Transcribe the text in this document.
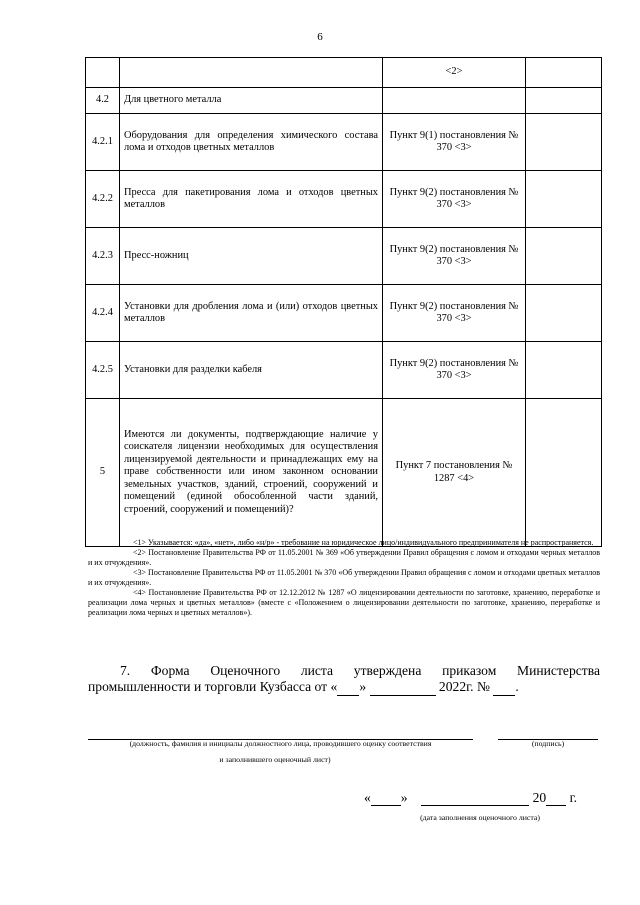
6
		<2>	
4.2	Для цветного металла		
4.2.1	Оборудования для определения химического состава лома и отходов цветных металлов	Пункт 9(1) постановления № 370 <3>	
4.2.2	Пресса для пакетирования лома и отходов цветных металлов	Пункт 9(2) постановления № 370 <3>	
4.2.3	Пресс-ножниц	Пункт 9(2) постановления № 370 <3>	
4.2.4	Установки для дробления лома и (или) отходов цветных металлов	Пункт 9(2) постановления № 370 <3>	
4.2.5	Установки для разделки кабеля	Пункт 9(2) постановления № 370 <3>	
5	Имеются ли документы, подтверждающие наличие у соискателя лицензии необходимых для осуществления лицензируемой деятельности и принадлежащих ему на праве собственности или ином законном основании земельных участков, зданий, строений, сооружений и помещений (единой обособленной части зданий, строений, сооружений и помещений)?	Пункт 7 постановления № 1287 <4>	

<1> Указывается: «да», «нет», либо «н/р» - требование на юридическое лицо/индивидуального предпринимателя не распространяется.

<2> Постановление Правительства РФ от 11.05.2001 № 369 «Об утверждении Правил обращения с ломом и отходами черных металлов и их отчуждения».

<3> Постановление Правительства РФ от 11.05.2001 № 370 «Об утверждении Правил обращения с ломом и отходами цветных металлов и их отчуждения».

<4> Постановление Правительства РФ от 12.12.2012 № 1287 «О лицензировании деятельности по заготовке, хранению, переработке и реализации лома черных и цветных металлов» (вместе с «Положением о лицензировании деятельности по заготовке, хранению, переработке и реализации лома черных и цветных металлов»).

7. Форма Оценочного листа утверждена приказом Министерства промышленности и торговли Кузбасса от « »	2022г. № .

(должность, фамилия и инициалы должностного лица, проводившего оценку соответствия	(подпись)
и заполнившего оценочный лист)
« »	20 г.
(дата заполнения оценочного листа)
